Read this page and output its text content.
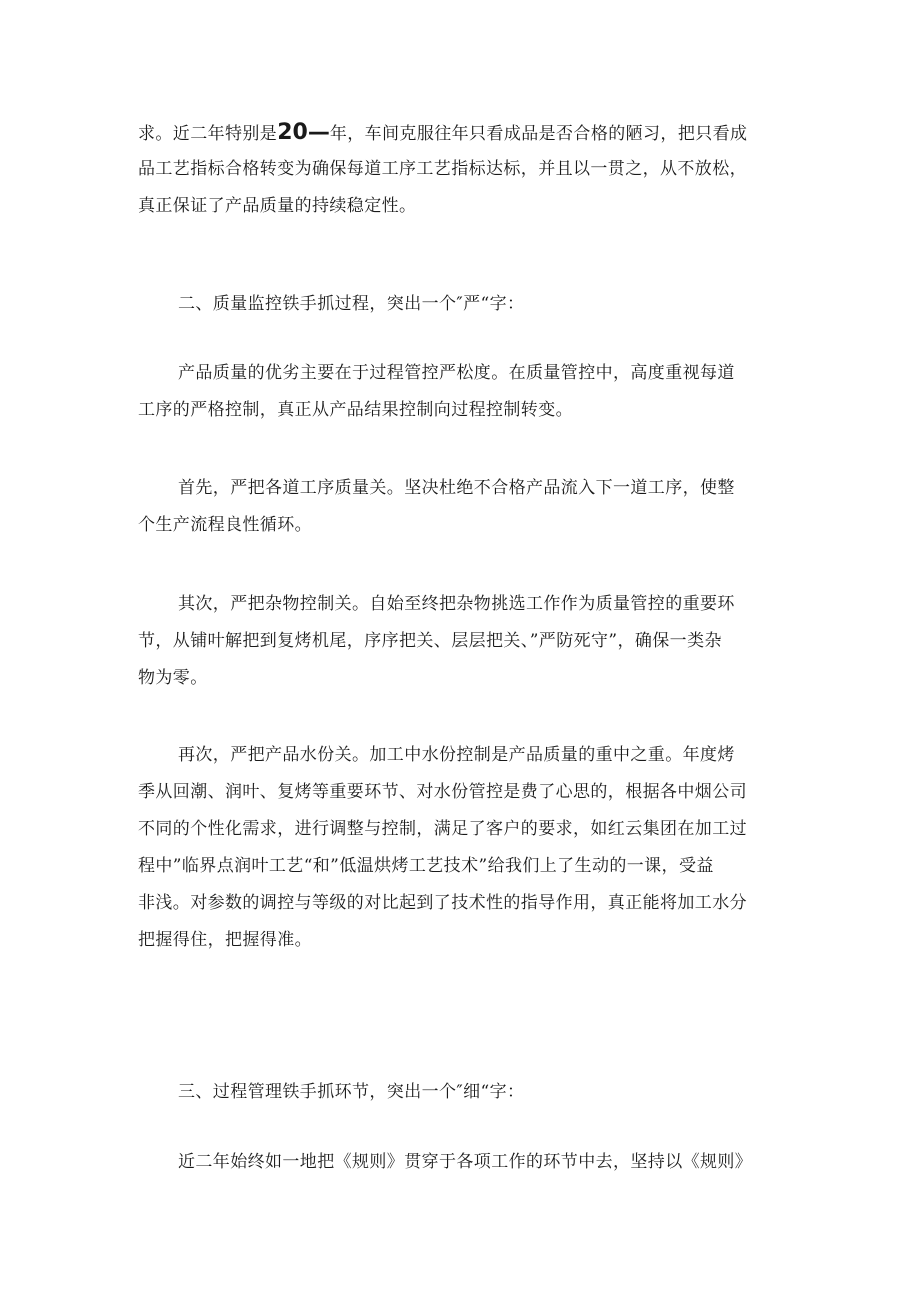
求。近二年特别是20—年，车间克服往年只看成品是否合格的陋习，把只看成
品工艺指标合格转变为确保每道工序工艺指标达标，并且以一贯之，从不放松，
真正保证了产品质量的持续稳定性。

二、质量监控铁手抓过程，突出一个″严“字：

产品质量的优劣主要在于过程管控严松度。在质量管控中，高度重视每道
工序的严格控制，真正从产品结果控制向过程控制转变。

首先，严把各道工序质量关。坚决杜绝不合格产品流入下一道工序，使整
个生产流程良性循环。

其次，严把杂物控制关。自始至终把杂物挑选工作作为质量管控的重要环
节，从铺叶解把到复烤机尾，序序把关、层层把关、”严防死守”，确保一类杂
物为零。

再次，严把产品水份关。加工中水份控制是产品质量的重中之重。年度烤
季从回潮、润叶、复烤等重要环节、对水份管控是费了心思的，根据各中烟公司
不同的个性化需求，进行调整与控制，满足了客户的要求，如红云集团在加工过
程中”临界点润叶工艺“和”低温烘烤工艺技术”给我们上了生动的一课，受益
非浅。对参数的调控与等级的对比起到了技术性的指导作用，真正能将加工水分
把握得住，把握得准。

三、过程管理铁手抓环节，突出一个″细“字：

近二年始终如一地把《规则》贯穿于各项工作的环节中去，坚持以《规则》
